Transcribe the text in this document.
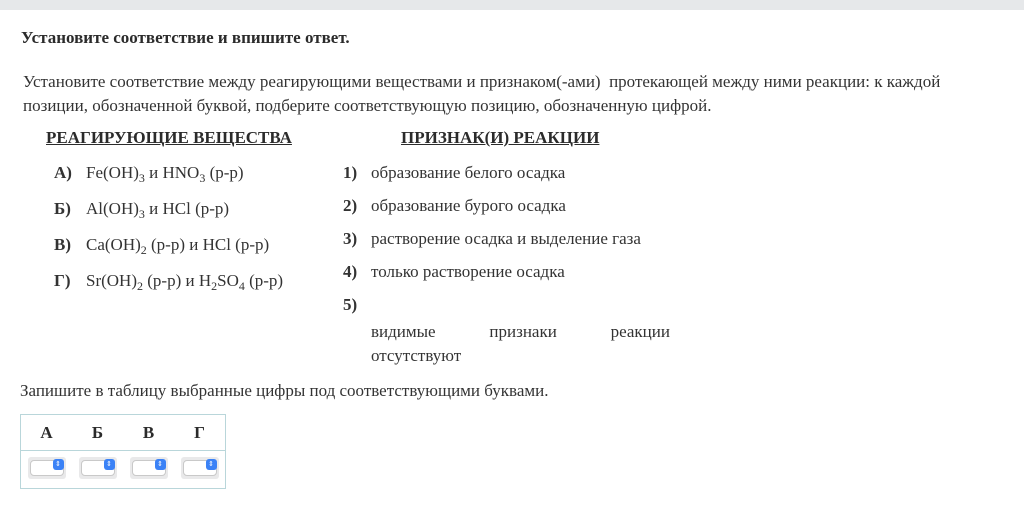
Установите соответствие и впишите ответ.
Установите соответствие между реагирующими веществами и признаком(-ами)  протекающей между ними реакции: к каждой
позиции, обозначенной буквой, подберите соответствующую позицию, обозначенную цифрой.
РЕАГИРУЮЩИЕ ВЕЩЕСТВА	ПРИЗНАК(И) РЕАКЦИИ
А) $Fe(OH)_3$ и $HNO_3$ (р-р)
Б) $Al(OH)_3$ и HCl (р-р)
В) $Ca(OH)_2$ (р-р) и HCl (р-р)
Г) $Sr(OH)_2$ (р-р) и $H_2SO_4$ (р-р)
1) образование белого осадка
2) образование бурого осадка
3) растворение осадка и выделение газа
4) только растворение осадка
5)
видимые	признаки	реакции
отсутствуют
Запишите в таблицу выбранные цифры под соответствующими буквами.
А	Б	В	Г
⇕	⇕	⇕	⇕
